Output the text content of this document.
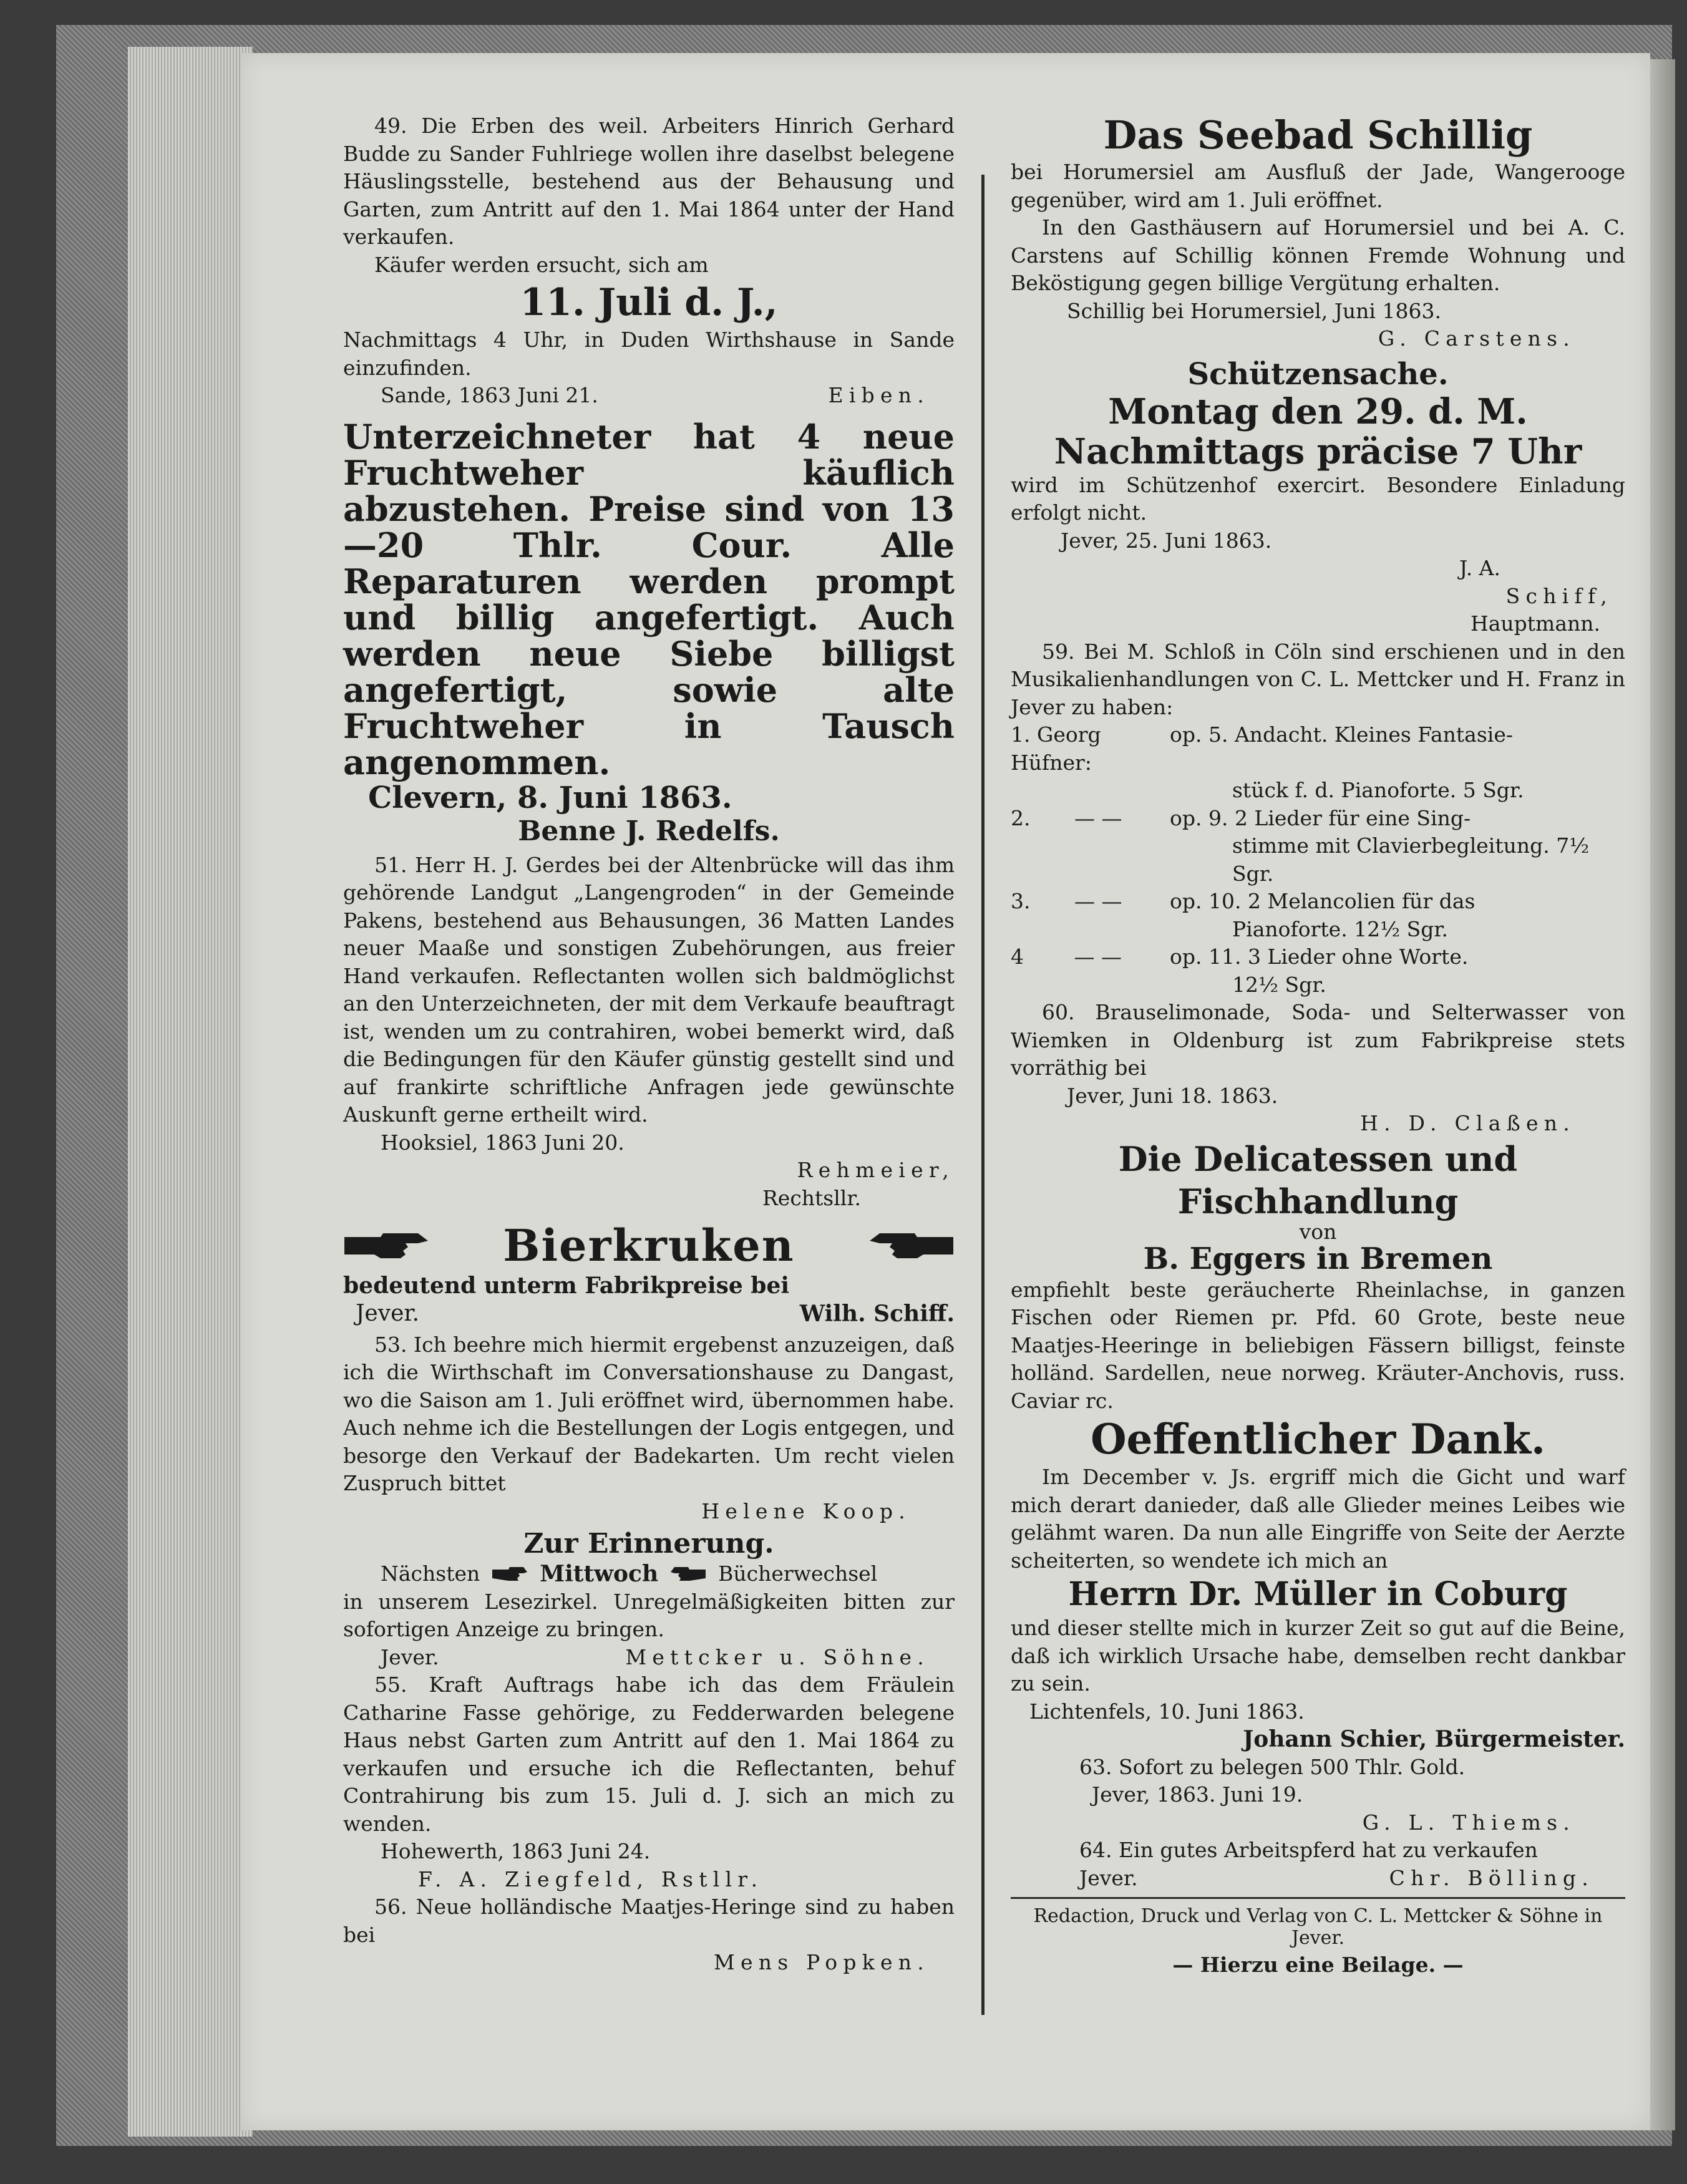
49. Die Erben des weil. Arbeiters Hinrich Gerhard Budde zu Sander Fuhlriege wollen ihre daselbst belegene Häuslingsstelle, bestehend aus der Behausung und Garten, zum Antritt auf den 1. Mai 1864 unter der Hand verkaufen.

Käufer werden ersucht, sich am

11. Juli d. J.,

Nachmittags 4 Uhr, in Duden Wirthshause in Sande einzufinden.

Sande, 1863 Juni 21.	Eiben.

Unterzeichneter hat 4 neue Fruchtweher käuflich abzustehen. Preise sind von 13—20 Thlr. Cour. Alle Reparaturen werden prompt und billig angefertigt. Auch werden neue Siebe billigst angefertigt, sowie alte Fruchtweher in Tausch angenommen.

Clevern, 8. Juni 1863.
Benne J. Redelfs.

51. Herr H. J. Gerdes bei der Altenbrücke will das ihm gehörende Landgut „Langengroden“ in der Gemeinde Pakens, bestehend aus Behausungen, 36 Matten Landes neuer Maaße und sonstigen Zubehörungen, aus freier Hand verkaufen. Reflectanten wollen sich baldmöglichst an den Unterzeichneten, der mit dem Verkaufe beauftragt ist, wenden um zu contrahiren, wobei bemerkt wird, daß die Bedingungen für den Käufer günstig gestellt sind und auf frankirte schriftliche Anfragen jede gewünschte Auskunft gerne ertheilt wird.

Hooksiel, 1863 Juni 20.

Rehmeier,

Rechtsllr.

Bierkruken

bedeutend unterm Fabrikpreise bei

Jever.	Wilh. Schiff.

53. Ich beehre mich hiermit ergebenst anzuzeigen, daß ich die Wirthschaft im Conversationshause zu Dangast, wo die Saison am 1. Juli eröffnet wird, übernommen habe. Auch nehme ich die Bestellungen der Logis entgegen, und besorge den Verkauf der Badekarten. Um recht vielen Zuspruch bittet

Helene Koop.

Zur Erinnerung.
Nächsten	Mittwoch	Bücherwechsel

in unserem Lesezirkel. Unregelmäßigkeiten bitten zur sofortigen Anzeige zu bringen.

Jever.	Mettcker u. Söhne.

55. Kraft Auftrags habe ich das dem Fräulein Catharine Fasse gehörige, zu Fedderwarden belegene Haus nebst Garten zum Antritt auf den 1. Mai 1864 zu verkaufen und ersuche ich die Reflectanten, behuf Contrahirung bis zum 15. Juli d. J. sich an mich zu wenden.

Hohewerth, 1863 Juni 24.

F. A. Ziegfeld, Rstllr.

56. Neue holländische Maatjes-Heringe sind zu haben bei

Mens Popken.

Das Seebad Schillig

bei Horumersiel am Ausfluß der Jade, Wangerooge gegenüber, wird am 1. Juli eröffnet.

In den Gasthäusern auf Horumersiel und bei A. C. Carstens auf Schillig können Fremde Wohnung und Beköstigung gegen billige Vergütung erhalten.

Schillig bei Horumersiel, Juni 1863.

G. Carstens.

Schützensache.
Montag den 29. d. M. Nachmittags präcise 7 Uhr

wird im Schützenhof exercirt. Besondere Einladung erfolgt nicht.

Jever, 25. Juni 1863.

J. A.

Schiff,

Hauptmann.

59. Bei M. Schloß in Cöln sind erschienen und in den Musikalienhandlungen von C. L. Mettcker und H. Franz in Jever zu haben:

1. Georg Hüfner:
op. 5. Andacht. Kleines Fantasie-
stück f. d. Pianoforte. 5 Sgr.
2. — —	op. 9. 2 Lieder für eine Sing-
stimme mit Clavierbegleitung. 7½ Sgr.
3. — —	op. 10. 2 Melancolien für das
Pianoforte. 12½ Sgr.
4 — —	op. 11. 3 Lieder ohne Worte.
12½ Sgr.

60. Brauselimonade, Soda- und Selterwasser von Wiemken in Oldenburg ist zum Fabrikpreise stets vorräthig bei

Jever, Juni 18. 1863.

H. D. Claßen.

Die Delicatessen und Fischhandlung

von

B. Eggers in Bremen

empfiehlt beste geräucherte Rheinlachse, in ganzen Fischen oder Riemen pr. Pfd. 60 Grote, beste neue Maatjes-Heeringe in beliebigen Fässern billigst, feinste holländ. Sardellen, neue norweg. Kräuter-Anchovis, russ. Caviar rc.

Oeffentlicher Dank.

Im December v. Js. ergriff mich die Gicht und warf mich derart danieder, daß alle Glieder meines Leibes wie gelähmt waren. Da nun alle Eingriffe von Seite der Aerzte scheiterten, so wendete ich mich an

Herrn Dr. Müller in Coburg

und dieser stellte mich in kurzer Zeit so gut auf die Beine, daß ich wirklich Ursache habe, demselben recht dankbar zu sein.

Lichtenfels, 10. Juni 1863.

Johann Schier, Bürgermeister.

63. Sofort zu belegen 500 Thlr. Gold.

Jever, 1863. Juni 19.

G. L. Thiems.

64. Ein gutes Arbeitspferd hat zu verkaufen

Jever.	Chr. Bölling.
Redaction, Druck und Verlag von C. L. Mettcker & Söhne in Jever.

— Hierzu eine Beilage. —
